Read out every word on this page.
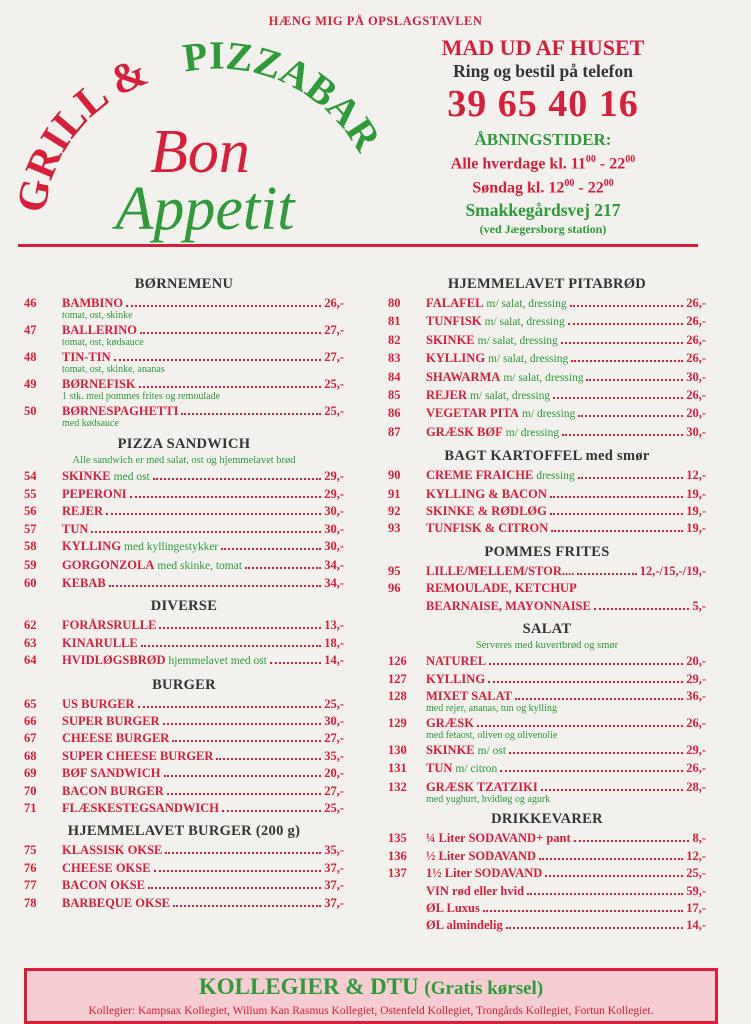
HÆNG MIG PÅ OPSLAGSTAVLEN
RILL & PIZZABAR
Bon
Appetit
MAD UD AF HUSET
Ring og bestil på telefon
39 65 40 16
ÅBNINGSTIDER:
Alle hverdage kl. $11^{00} - 22^{00}$
Søndag kl. $12^{00} - 22^{00}$
Smakkegårdsvej 217
(ved Jægersborg station)
BØRNEMENU
46	BAMBINO	26,-
tomat, ost, skinke
47	BALLERINO	27,-
tomat, ost, kødsauce
48	TIN-TIN	27,-
tomat, ost, skinke, ananas
49	BØRNEFISK	25,-
1 stk. med pommes frites og remoulade
50	BØRNESPAGHETTI	25,-
med kødsauce
PIZZA SANDWICH
Alle sandwich er med salat, ost og hjemmelavet brød
54	SKINKE med ost	29,-
55	PEPERONI	29,-
56	REJER	30,-
57	TUN	30,-
58	KYLLING med kyllingestykker	30,-
59	GORGONZOLA med skinke, tomat	34,-
60	KEBAB	34,-
DIVERSE
62	FORÅRSRULLE	13,-
63	KINARULLE	18,-
64	HVIDLØGSBRØD hjemmelavet med ost	14,-
BURGER
65	US BURGER	25,-
66	SUPER BURGER	30,-
67	CHEESE BURGER	27,-
68	SUPER CHEESE BURGER	35,-
69	BØF SANDWICH	20,-
70	BACON BURGER	27,-
71	FLÆSKESTEGSANDWICH	25,-
HJEMMELAVET BURGER (200 g)
75	KLASSISK OKSE	35,-
76	CHEESE OKSE	37,-
77	BACON OKSE	37,-
78	BARBEQUE OKSE	37,-
HJEMMELAVET PITABRØD
80	FALAFEL m/ salat, dressing	26,-
81	TUNFISK m/ salat, dressing	26,-
82	SKINKE m/ salat, dressing	26,-
83	KYLLING m/ salat, dressing	26,-
84	SHAWARMA m/ salat, dressing	30,-
85	REJER m/ salat, dressing	26,-
86	VEGETAR PITA m/ dressing	20,-
87	GRÆSK BØF m/ dressing	30,-
BAGT KARTOFFEL med smør
90	CREME FRAICHE dressing	12,-
91	KYLLING & BACON	19,-
92	SKINKE & RØDLØG	19,-
93	TUNFISK & CITRON	19,-
POMMES FRITES
95	LILLE/MELLEM/STOR....	12,-/15,-/19,-
96	REMOULADE, KETCHUP
BEARNAISE, MAYONNAISE	5,-
SALAT
Serveres med kuvertbrød og smør
126	NATUREL	20,-
127	KYLLING	29,-
128	MIXET SALAT	36,-
med rejer, ananas, tun og kylling
129	GRÆSK	26,-
med fetaost, oliven og olivenolie
130	SKINKE m/ ost	29,-
131	TUN m/ citron	26,-
132	GRÆSK TZATZIKI	28,-
med yughurt, hvidløg og agurk
DRIKKEVARER
135	¼ Liter SODAVAND+ pant	8,-
136	½ Liter SODAVAND	12,-
137	1½ Liter SODAVAND	25,-
VIN rød eller hvid	59,-
ØL Luxus	17,-
ØL almindelig	14,-
KOLLEGIER & DTU (Gratis kørsel)
Kollegier: Kampsax Kollegiet, Willum Kan Rasmus Kollegiet, Ostenfeld Kollegiet, Trongårds Kollegiet, Fortun Kollegiet.
